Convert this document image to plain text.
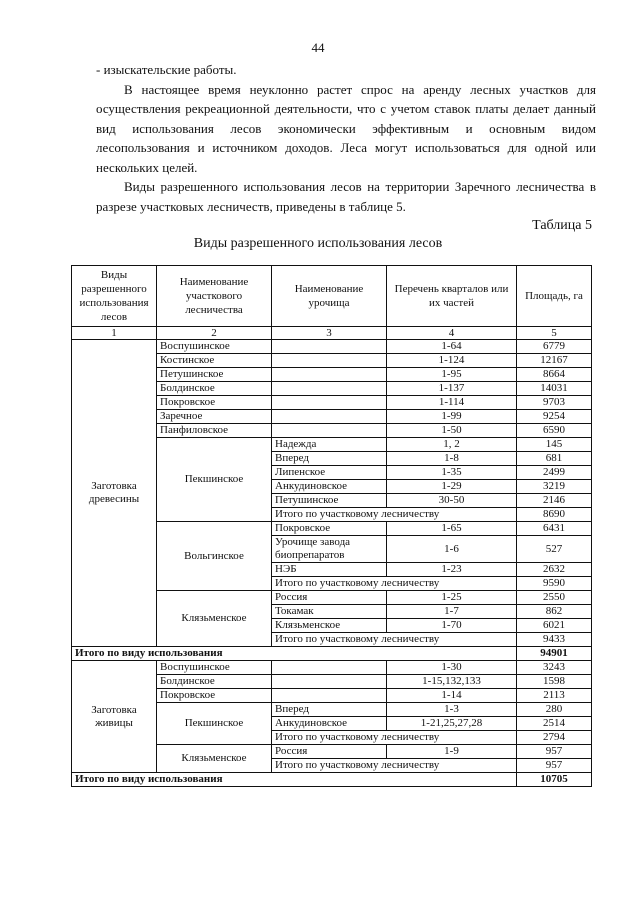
44

- изыскательские работы.

В настоящее время неуклонно растет спрос на аренду лесных участков для осуществления рекреационной деятельности, что с учетом ставок платы делает данный вид использования лесов экономически эффективным и основным видом лесопользования и источником доходов. Леса могут использоваться для одной или нескольких целей.

Виды разрешенного использования лесов на территории Заречного лесничества в разрезе участковых лесничеств, приведены в таблице 5.

Таблица 5
Виды разрешенного использования лесов
Виды разрешенного использования лесов	Наименование участкового лесничества	Наименование урочища	Перечень кварталов или их частей	Площадь, га
1	2	3	4	5
Заготовка древесины	Воспушинское		1-64	6779
	Костинское		1-124	12167
	Петушинское		1-95	8664
	Болдинское		1-137	14031
	Покровское		1-114	9703
	Заречное		1-99	9254
	Панфиловское		1-50	6590
	Пекшинское	Надежда	1, 2	145
		Вперед	1-8	681
		Липенское	1-35	2499
		Анкудиновское	1-29	3219
		Петушинское	30-50	2146
		Итого по участковому лесничеству		8690
	Вольгинское	Покровское	1-65	6431
		Урочище завода биопрепаратов	1-6	527
		НЭБ	1-23	2632
		Итого по участковому лесничеству		9590
	Клязьменское	Россия	1-25	2550
		Токамак	1-7	862
		Клязьменское	1-70	6021
		Итого по участковому лесничеству		9433
Итого по виду использования				94901
Заготовка живицы	Воспушинское		1-30	3243
	Болдинское		1-15,132,133	1598
	Покровское		1-14	2113
	Пекшинское	Вперед	1-3	280
		Анкудиновское	1-21,25,27,28	2514
		Итого по участковому лесничеству		2794
	Клязьменское	Россия	1-9	957
		Итого по участковому лесничеству		957
Итого по виду использования				10705
